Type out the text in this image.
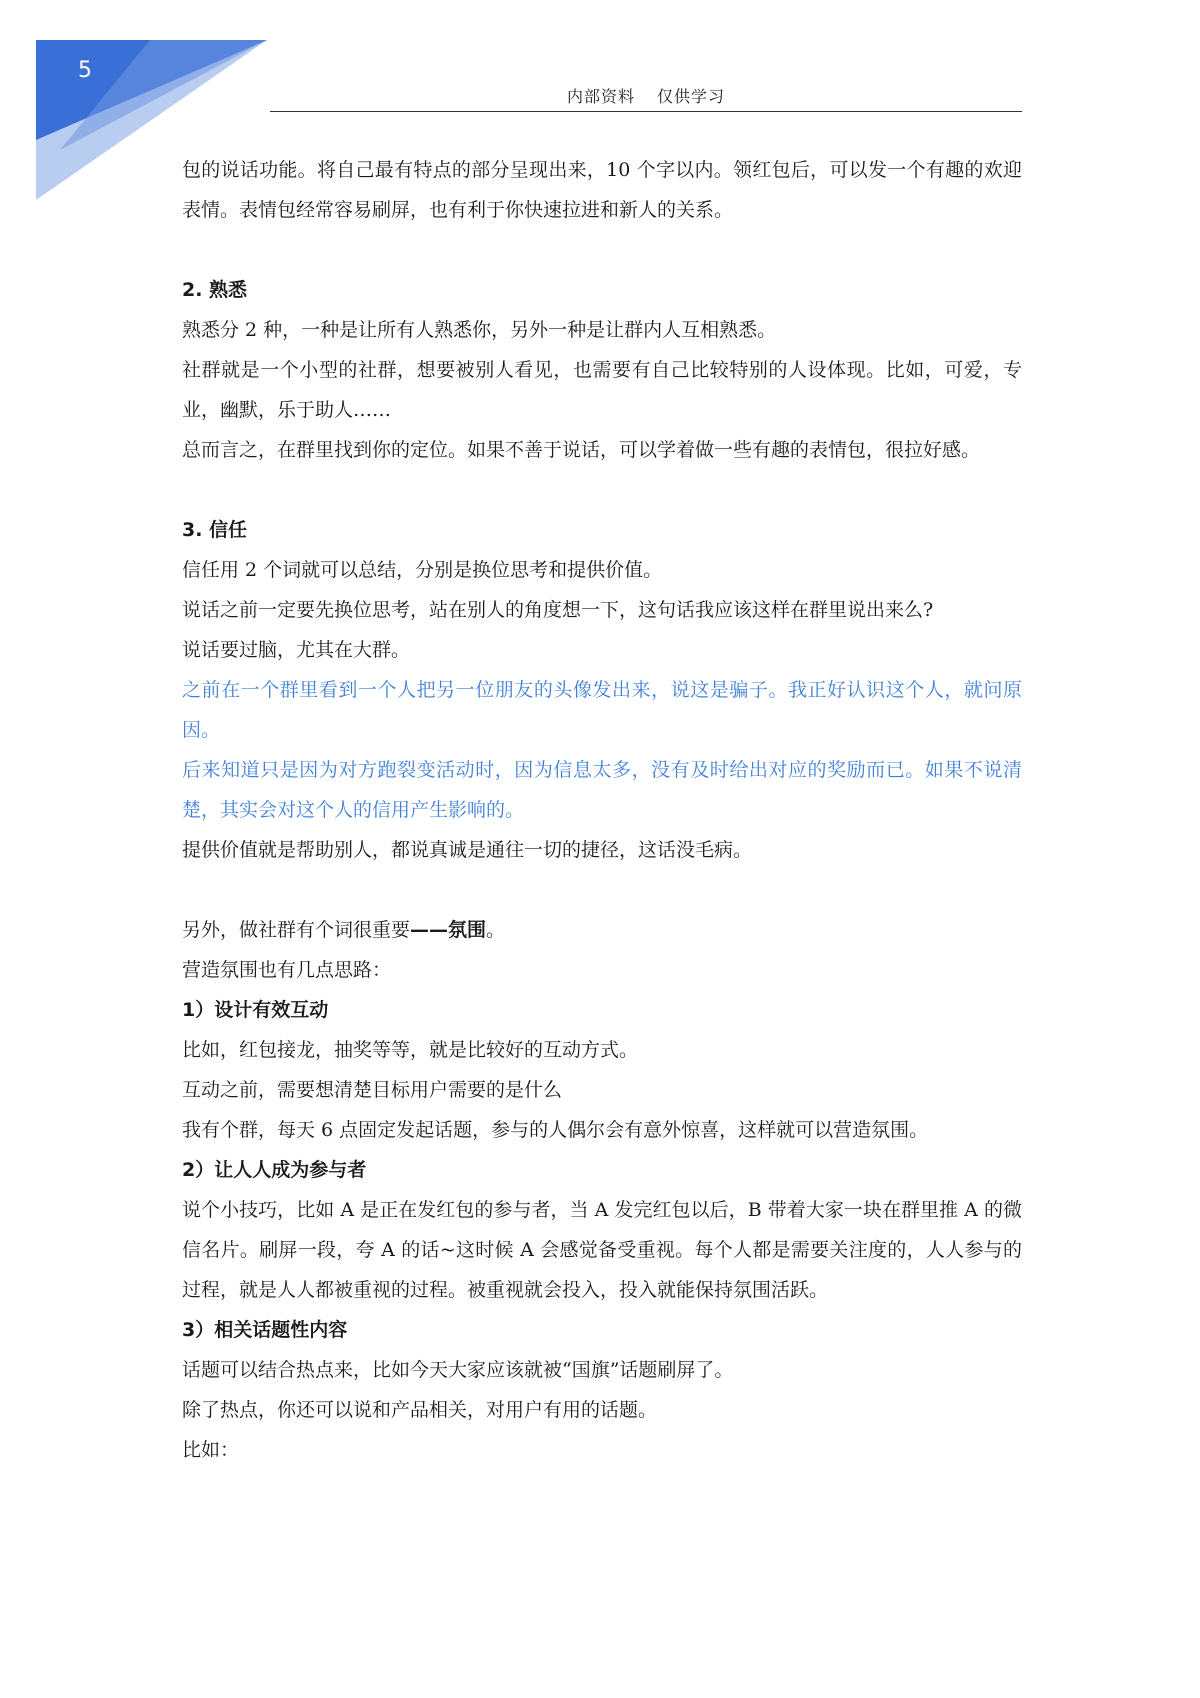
5
内部资料 仅供学习

包的说话功能。将自己最有特点的部分呈现出来，10 个字以内。领红包后，可以发一个有趣的欢迎表情。表情包经常容易刷屏，也有利于你快速拉进和新人的关系。

2. 熟悉

熟悉分 2 种，一种是让所有人熟悉你，另外一种是让群内人互相熟悉。

社群就是一个小型的社群，想要被别人看见，也需要有自己比较特别的人设体现。比如，可爱，专业，幽默，乐于助人……

总而言之，在群里找到你的定位。如果不善于说话，可以学着做一些有趣的表情包，很拉好感。

3. 信任

信任用 2 个词就可以总结，分别是换位思考和提供价值。

说话之前一定要先换位思考，站在别人的角度想一下，这句话我应该这样在群里说出来么?

说话要过脑，尤其在大群。

之前在一个群里看到一个人把另一位朋友的头像发出来，说这是骗子。我正好认识这个人，就问原因。

后来知道只是因为对方跑裂变活动时，因为信息太多，没有及时给出对应的奖励而已。如果不说清楚，其实会对这个人的信用产生影响的。

提供价值就是帮助别人，都说真诚是通往一切的捷径，这话没毛病。

另外，做社群有个词很重要——氛围。

营造氛围也有几点思路：

1）设计有效互动

比如，红包接龙，抽奖等等，就是比较好的互动方式。

互动之前，需要想清楚目标用户需要的是什么

我有个群，每天 6 点固定发起话题，参与的人偶尔会有意外惊喜，这样就可以营造氛围。

2）让人人成为参与者

说个小技巧，比如 A 是正在发红包的参与者，当 A 发完红包以后，B 带着大家一块在群里推 A 的微信名片。刷屏一段，夸 A 的话~这时候 A 会感觉备受重视。每个人都是需要关注度的，人人参与的过程，就是人人都被重视的过程。被重视就会投入，投入就能保持氛围活跃。

3）相关话题性内容

话题可以结合热点来，比如今天大家应该就被“国旗”话题刷屏了。

除了热点，你还可以说和产品相关，对用户有用的话题。

比如：
